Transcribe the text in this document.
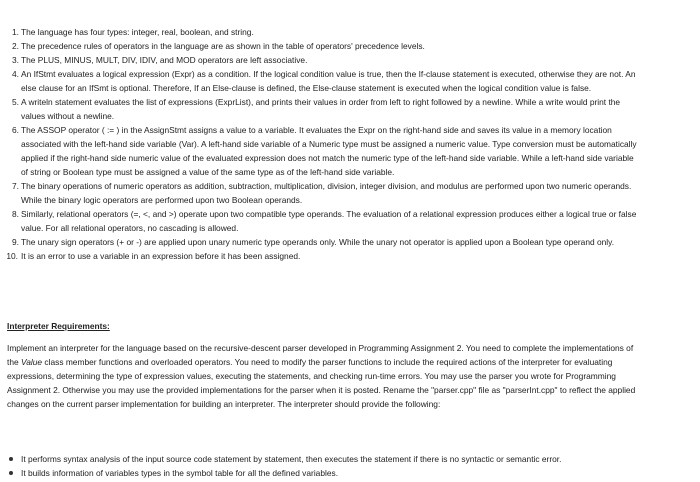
1. The language has four types: integer, real, boolean, and string.
2. The precedence rules of operators in the language are as shown in the table of operators' precedence levels.
3. The PLUS, MINUS, MULT, DIV, IDIV, and MOD operators are left associative.
4. An IfStmt evaluates a logical expression (Expr) as a condition. If the logical condition value is true, then the If-clause statement is executed, otherwise they are not. An else clause for an IfSmt is optional. Therefore, If an Else-clause is defined, the Else-clause statement is executed when the logical condition value is false.
5. A writeln statement evaluates the list of expressions (ExprList), and prints their values in order from left to right followed by a newline. While a write would print the values without a newline.
6. The ASSOP operator ( := ) in the AssignStmt assigns a value to a variable. It evaluates the Expr on the right-hand side and saves its value in a memory location associated with the left-hand side variable (Var). A left-hand side variable of a Numeric type must be assigned a numeric value. Type conversion must be automatically applied if the right-hand side numeric value of the evaluated expression does not match the numeric type of the left-hand side variable. While a left-hand side variable of string or Boolean type must be assigned a value of the same type as of the left-hand side variable.
7. The binary operations of numeric operators as addition, subtraction, multiplication, division, integer division, and modulus are performed upon two numeric operands. While the binary logic operators are performed upon two Boolean operands.
8. Similarly, relational operators (=, <, and >) operate upon two compatible type operands. The evaluation of a relational expression produces either a logical true or false value. For all relational operators, no cascading is allowed.
9. The unary sign operators (+ or -) are applied upon unary numeric type operands only. While the unary not operator is applied upon a Boolean type operand only.
10. It is an error to use a variable in an expression before it has been assigned.
Interpreter Requirements:

Implement an interpreter for the language based on the recursive-descent parser developed in Programming Assignment 2. You need to complete the implementations of the Value class member functions and overloaded operators. You need to modify the parser functions to include the required actions of the interpreter for evaluating expressions, determining the type of expression values, executing the statements, and checking run-time errors. You may use the parser you wrote for Programming Assignment 2. Otherwise you may use the provided implementations for the parser when it is posted. Rename the "parser.cpp" file as "parserInt.cpp" to reflect the applied changes on the current parser implementation for building an interpreter. The interpreter should provide the following:

It performs syntax analysis of the input source code statement by statement, then executes the statement if there is no syntactic or semantic error.
It builds information of variables types in the symbol table for all the defined variables.
